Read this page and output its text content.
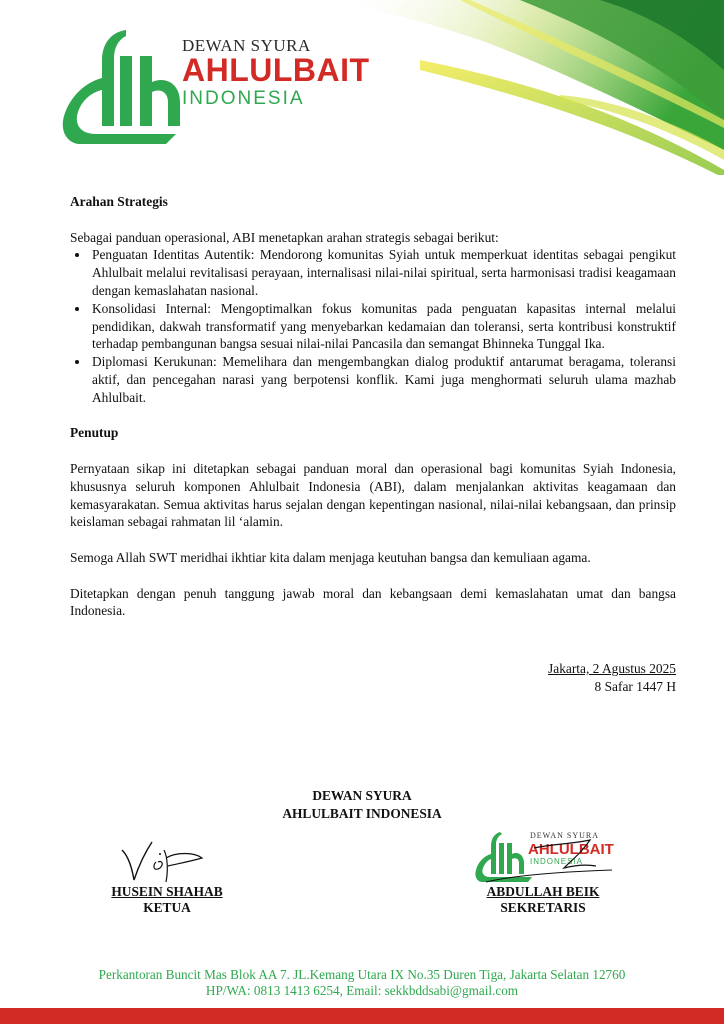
DEWAN SYURA
AHLULBAIT
INDONESIA

Arahan Strategis

Sebagai panduan operasional, ABI menetapkan arahan strategis sebagai berikut:

• Penguatan Identitas Autentik: Mendorong komunitas Syiah untuk memperkuat identitas sebagai pengikut Ahlulbait melalui revitalisasi perayaan, internalisasi nilai-nilai spiritual, serta harmonisasi tradisi keagamaan dengan kemaslahatan nasional.
• Konsolidasi Internal: Mengoptimalkan fokus komunitas pada penguatan kapasitas internal melalui pendidikan, dakwah transformatif yang menyebarkan kedamaian dan toleransi, serta kontribusi konstruktif terhadap pembangunan bangsa sesuai nilai-nilai Pancasila dan semangat Bhinneka Tunggal Ika.
• Diplomasi Kerukunan: Memelihara dan mengembangkan dialog produktif antarumat beragama, toleransi aktif, dan pencegahan narasi yang berpotensi konflik. Kami juga menghormati seluruh ulama mazhab Ahlulbait.

Penutup

Pernyataan sikap ini ditetapkan sebagai panduan moral dan operasional bagi komunitas Syiah Indonesia, khususnya seluruh komponen Ahlulbait Indonesia (ABI), dalam menjalankan aktivitas keagamaan dan kemasyarakatan. Semua aktivitas harus sejalan dengan kepentingan nasional, nilai-nilai kebangsaan, dan prinsip keislaman sebagai rahmatan lil ‘alamin.

Semoga Allah SWT meridhai ikhtiar kita dalam menjaga keutuhan bangsa dan kemuliaan agama.

Ditetapkan dengan penuh tanggung jawab moral dan kebangsaan demi kemaslahatan umat dan bangsa Indonesia.

Jakarta, 2 Agustus 2025
8 Safar 1447 H
DEWAN SYURA
AHLULBAIT INDONESIA
HUSEIN SHAHAB
KETUA
DEWAN SYURA
AHLULBAIT
INDONESIA
ABDULLAH BEIK
SEKRETARIS
Perkantoran Buncit Mas Blok AA 7. JL.Kemang Utara IX No.35 Duren Tiga, Jakarta Selatan 12760
HP/WA: 0813 1413 6254, Email: sekkbddsabi@gmail.com
